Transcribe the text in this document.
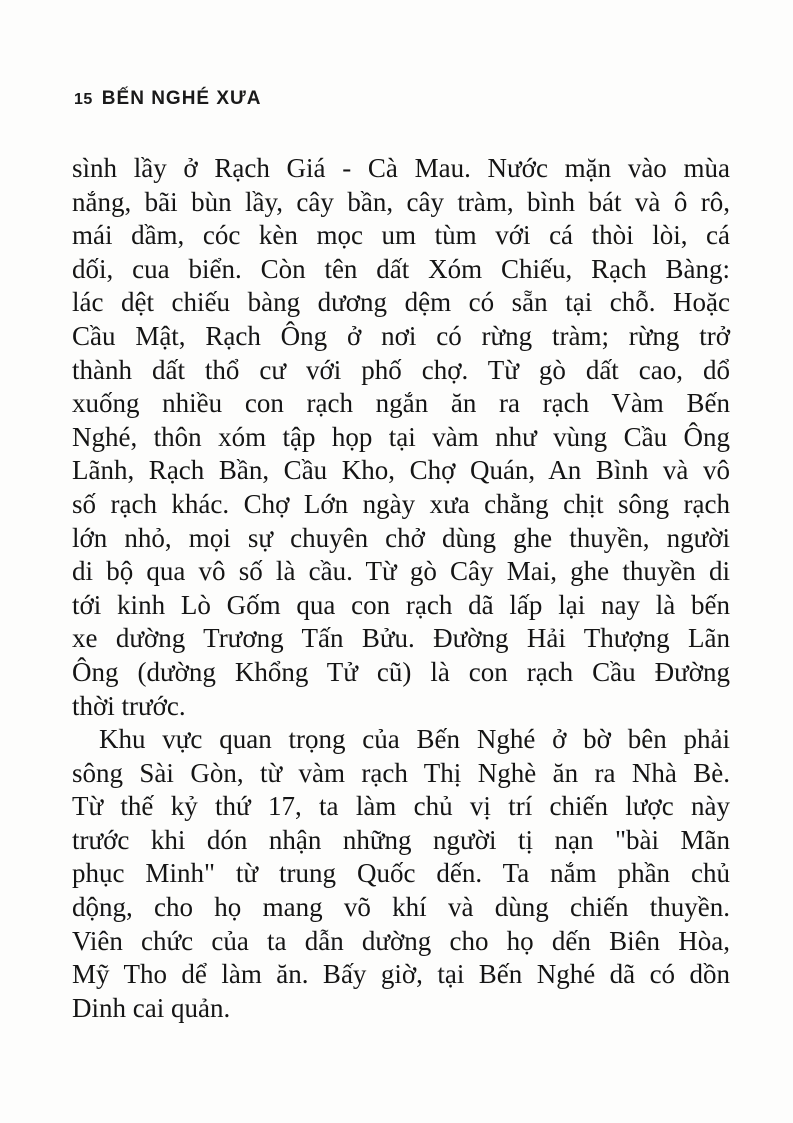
15 BẾN NGHÉ XƯA
sình lầy ở Rạch Giá - Cà Mau. Nước mặn vào mùa
nắng, bãi bùn lầy, cây bần, cây tràm, bình bát và ô rô,
mái dầm, cóc kèn mọc um tùm với cá thòi lòi, cá
dối, cua biển. Còn tên dất Xóm Chiếu, Rạch Bàng:
lác dệt chiếu bàng dương dệm có sẵn tại chỗ. Hoặc
Cầu Mật, Rạch Ông ở nơi có rừng tràm; rừng trở
thành dất thổ cư với phố chợ. Từ gò dất cao, dổ
xuống nhiều con rạch ngắn ăn ra rạch Vàm Bến
Nghé, thôn xóm tập họp tại vàm như vùng Cầu Ông
Lãnh, Rạch Bần, Cầu Kho, Chợ Quán, An Bình và vô
số rạch khác. Chợ Lớn ngày xưa chằng chịt sông rạch
lớn nhỏ, mọi sự chuyên chở dùng ghe thuyền, người
di bộ qua vô số là cầu. Từ gò Cây Mai, ghe thuyền di
tới kinh Lò Gốm qua con rạch dã lấp lại nay là bến
xe dường Trương Tấn Bửu. Đường Hải Thượng Lãn
Ông (dường Khổng Tử cũ) là con rạch Cầu Đường
thời trước.
Khu vực quan trọng của Bến Nghé ở bờ bên phải
sông Sài Gòn, từ vàm rạch Thị Nghè ăn ra Nhà Bè.
Từ thế kỷ thứ 17, ta làm chủ vị trí chiến lược này
trước khi dón nhận những người tị nạn "bài Mãn
phục Minh" từ trung Quốc dến. Ta nắm phần chủ
dộng, cho họ mang võ khí và dùng chiến thuyền.
Viên chức của ta dẫn dường cho họ dến Biên Hòa,
Mỹ Tho dể làm ăn. Bấy giờ, tại Bến Nghé dã có dồn
Dinh cai quản.
